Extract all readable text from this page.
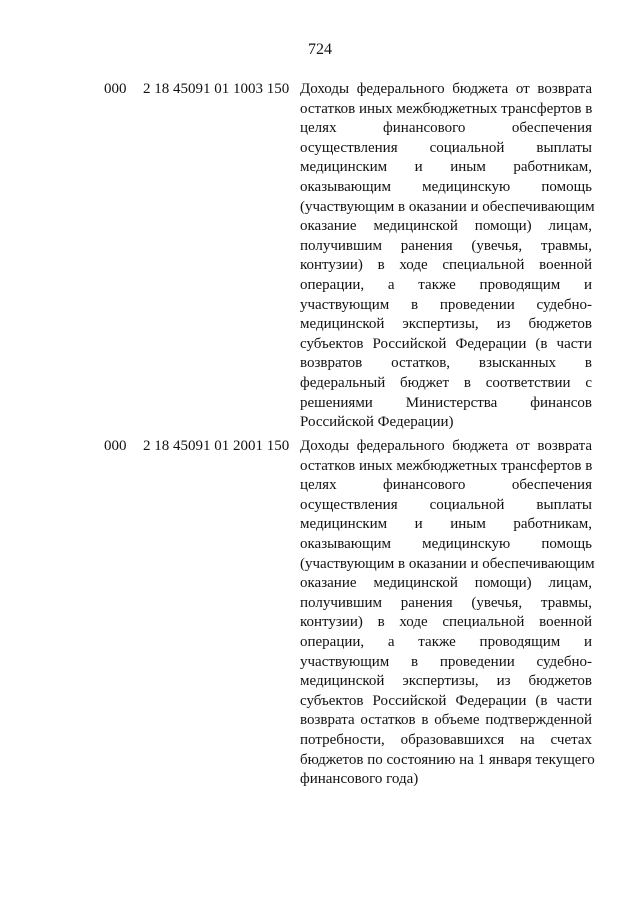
724
000 2 18 45091 01 1003 150 Доходы федерального бюджета от возврата
остатков иных межбюджетных трансфертов в
целях финансового обеспечения
осуществления социальной выплаты
медицинским и иным работникам,
оказывающим медицинскую помощь
(участвующим в оказании и обеспечивающим
оказание медицинской помощи) лицам,
получившим ранения (увечья, травмы,
контузии) в ходе специальной военной
операции, а также проводящим и
участвующим в проведении судебно-
медицинской экспертизы, из бюджетов
субъектов Российской Федерации (в части
возвратов остатков, взысканных в
федеральный бюджет в соответствии с
решениями Министерства финансов
Российской Федерации)
000 2 18 45091 01 2001 150 Доходы федерального бюджета от возврата
остатков иных межбюджетных трансфертов в
целях финансового обеспечения
осуществления социальной выплаты
медицинским и иным работникам,
оказывающим медицинскую помощь
(участвующим в оказании и обеспечивающим
оказание медицинской помощи) лицам,
получившим ранения (увечья, травмы,
контузии) в ходе специальной военной
операции, а также проводящим и
участвующим в проведении судебно-
медицинской экспертизы, из бюджетов
субъектов Российской Федерации (в части
возврата остатков в объеме подтвержденной
потребности, образовавшихся на счетах
бюджетов по состоянию на 1 января текущего
финансового года)
